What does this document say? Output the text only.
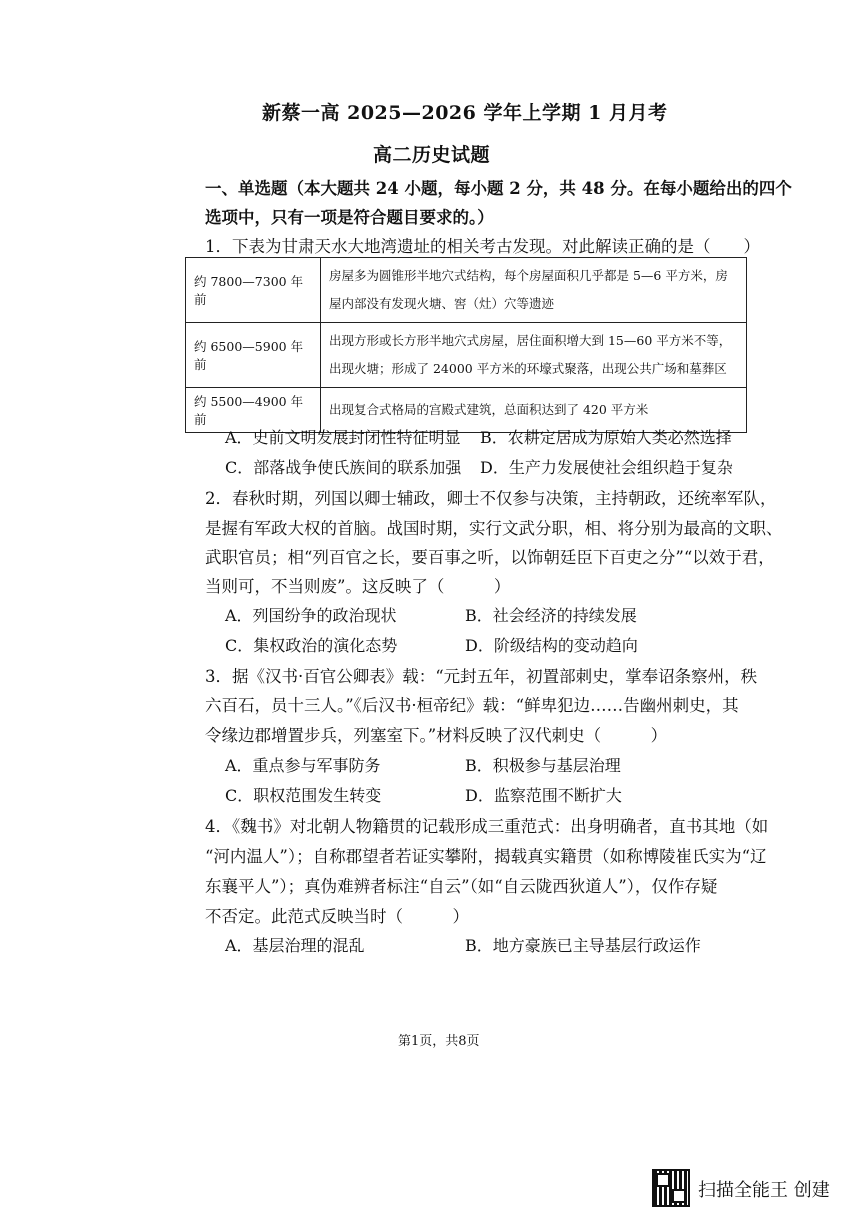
新蔡一高 2025—2026 学年上学期 1 月月考
高二历史试题
一、单选题（本大题共 24 小题，每小题 2 分，共 48 分。在每小题给出的四个
选项中，只有一项是符合题目要求的。）
1．下表为甘肃天水大地湾遗址的相关考古发现。对此解读正确的是（　　）
约 7800—7300 年前	房屋多为圆锥形半地穴式结构，每个房屋面积几乎都是 5—6 平方米，房
屋内部没有发现火塘、窖（灶）穴等遗迹

约 6500—5900 年前	出现方形或长方形半地穴式房屋，居住面积增大到 15—60 平方米不等，
出现火塘；形成了 24000 平方米的环壕式聚落，出现公共广场和墓葬区

约 5500—4900 年前	出现复合式格局的宫殿式建筑，总面积达到了 420 平方米
A．史前文明发展封闭性特征明显 B．农耕定居成为原始人类必然选择
C．部落战争使氏族间的联系加强 D．生产力发展使社会组织趋于复杂
2．春秋时期，列国以卿士辅政，卿士不仅参与决策，主持朝政，还统率军队，
是握有军政大权的首脑。战国时期，实行文武分职，相、将分别为最高的文职、
武职官员；相“列百官之长，要百事之听，以饰朝廷臣下百吏之分”“以效于君，
当则可，不当则废”。这反映了（　　　）
A．列国纷争的政治现状	B．社会经济的持续发展
C．集权政治的演化态势	D．阶级结构的变动趋向
3．据《汉书·百官公卿表》载：“元封五年，初置部刺史，掌奉诏条察州，秩
六百石，员十三人。”《后汉书·桓帝纪》载：“鲜卑犯边……告幽州刺史，其
令缘边郡增置步兵，列塞室下。”材料反映了汉代刺史（　　　）
A．重点参与军事防务	B．积极参与基层治理
C．职权范围发生转变	D．监察范围不断扩大
4．《魏书》对北朝人物籍贯的记载形成三重范式：出身明确者，直书其地（如
“河内温人”）；自称郡望者若证实攀附，揭载真实籍贯（如称博陵崔氏实为“辽
东襄平人”）；真伪难辨者标注“自云”（如“自云陇西狄道人”），仅作存疑
不否定。此范式反映当时（　　　）
A．基层治理的混乱	B．地方豪族已主导基层行政运作
第1页，共8页
扫描全能王 创建
